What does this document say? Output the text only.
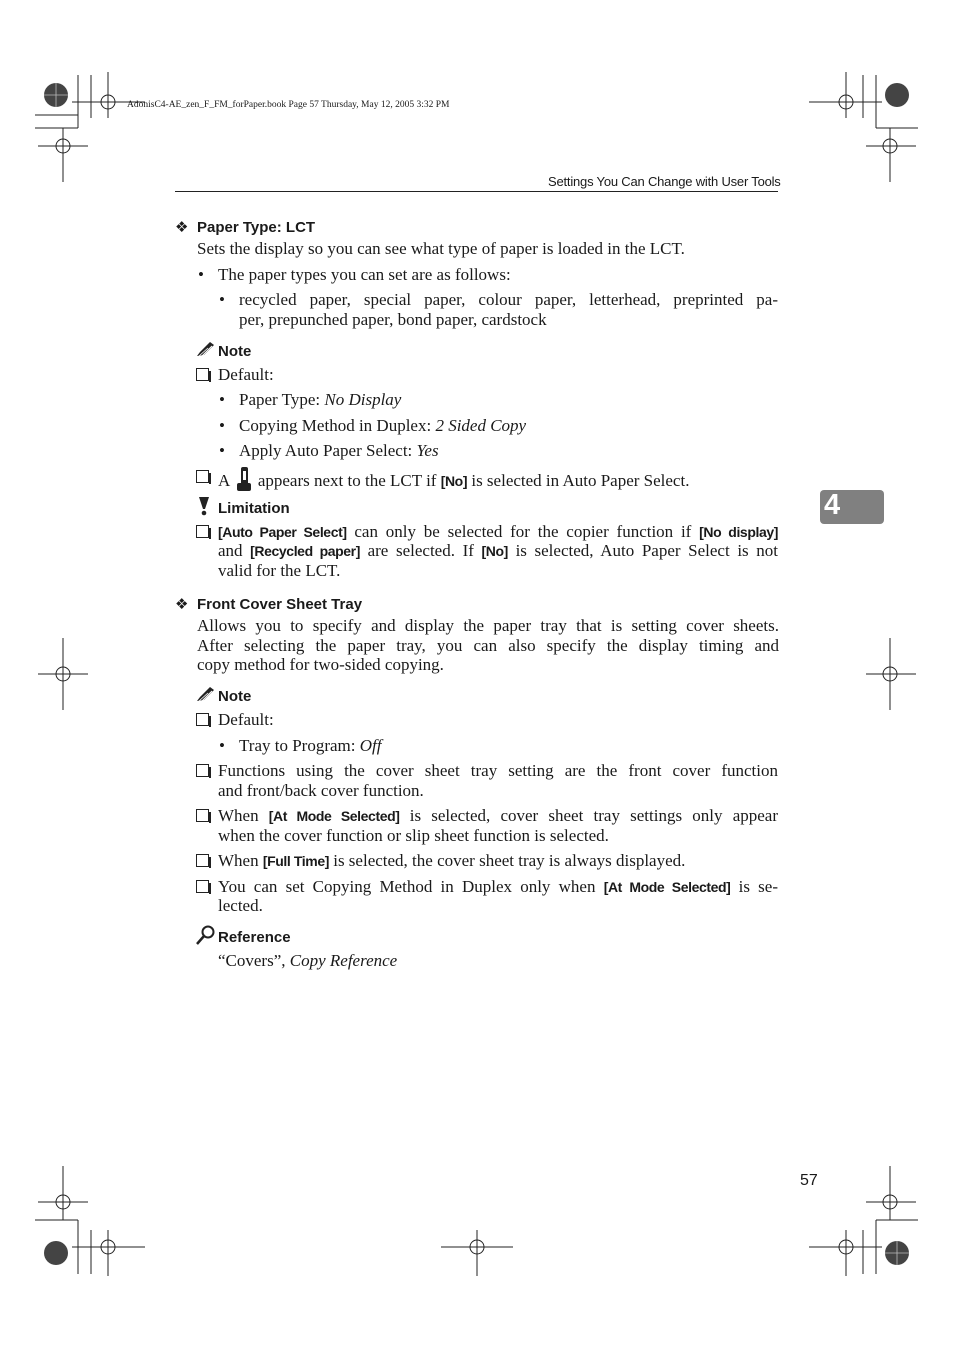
AdonisC4-AE_zen_F_FM_forPaper.book Page 57 Thursday, May 12, 2005 3:32 PM
Settings You Can Change with User Tools
4
❖ Paper Type: LCT
Sets the display so you can see what type of paper is loaded in the LCT.
• The paper types you can set are as follows:
• recycled paper, special paper, colour paper, letterhead, preprinted pa-
per, prepunched paper, bond paper, cardstock
Note
Default:
• Paper Type: No Display
• Copying Method in Duplex: 2 Sided Copy
• Apply Auto Paper Select: Yes
A appears next to the LCT if [No] is selected in Auto Paper Select.
Limitation
[Auto Paper Select] can only be selected for the copier function if [No display]
and [Recycled paper] are selected. If [No] is selected, Auto Paper Select is not
valid for the LCT.
❖ Front Cover Sheet Tray
Allows you to specify and display the paper tray that is setting cover sheets.
After selecting the paper tray, you can also specify the display timing and
copy method for two-sided copying.
Note
Default:
• Tray to Program: Off
Functions using the cover sheet tray setting are the front cover function
and front/back cover function.
When [At Mode Selected] is selected, cover sheet tray settings only appear
when the cover function or slip sheet function is selected.
When [Full Time] is selected, the cover sheet tray is always displayed.
You can set Copying Method in Duplex only when [At Mode Selected] is se-
lected.
Reference
“Covers”, Copy Reference
57
